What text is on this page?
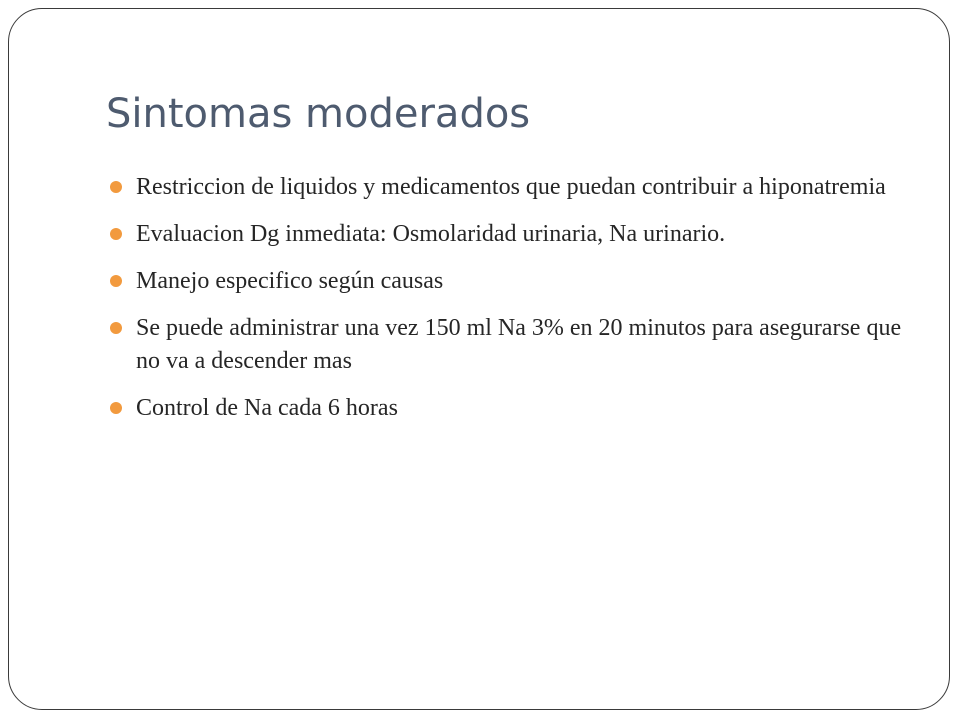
Sintomas moderados
Restriccion de liquidos y medicamentos que puedan contribuir a hiponatremia
Evaluacion Dg inmediata: Osmolaridad urinaria, Na urinario.
Manejo especifico según causas
Se puede administrar una vez 150 ml Na 3% en 20 minutos para asegurarse que no va a descender mas
Control de Na cada 6 horas
